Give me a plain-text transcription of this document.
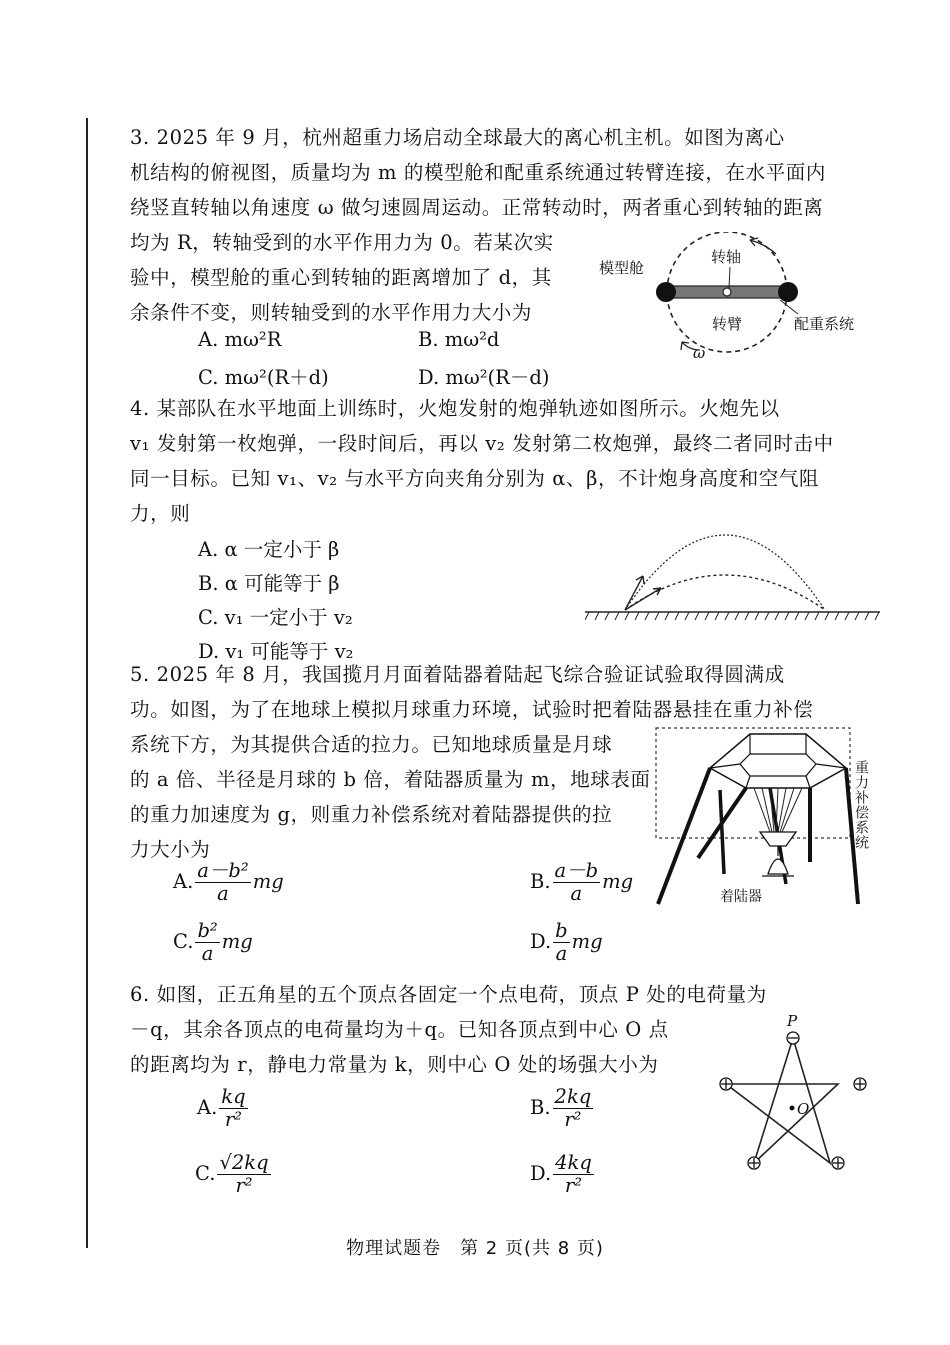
3. 2025 年 9 月，杭州超重力场启动全球最大的离心机主机。如图为离心
机结构的俯视图，质量均为 m 的模型舱和配重系统通过转臂连接，在水平面内
绕竖直转轴以角速度 ω 做匀速圆周运动。正常转动时，两者重心到转轴的距离
均为 R，转轴受到的水平作用力为 0。若某次实
验中，模型舱的重心到转轴的距离增加了 d，其
余条件不变，则转轴受到的水平作用力大小为
A. mω²R	B. mω²d
C. mω²(R＋d)	D. mω²(R－d)
模型舱
转轴
转臂	配重系统
ω
4. 某部队在水平地面上训练时，火炮发射的炮弹轨迹如图所示。火炮先以
v₁ 发射第一枚炮弹，一段时间后，再以 v₂ 发射第二枚炮弹，最终二者同时击中
同一目标。已知 v₁、v₂ 与水平方向夹角分别为 α、β，不计炮身高度和空气阻
力，则
A. α 一定小于 β
B. α 可能等于 β
C. v₁ 一定小于 v₂
D. v₁ 可能等于 v₂
5. 2025 年 8 月，我国揽月月面着陆器着陆起飞综合验证试验取得圆满成
功。如图，为了在地球上模拟月球重力环境，试验时把着陆器悬挂在重力补偿
系统下方，为其提供合适的拉力。已知地球质量是月球
的 a 倍、半径是月球的 b 倍，着陆器质量为 m，地球表面
的重力加速度为 g，则重力补偿系统对着陆器提供的拉
力大小为
A. $\frac{\text{a－b²}}{a}$ mg	B. $\frac{a-b}{a}$ mg
C. $\frac{\text{b²}}{a}$ mg	D. $\frac{b}{a}$ mg
重力补偿系统
着陆器
6. 如图，正五角星的五个顶点各固定一个点电荷，顶点 P 处的电荷量为
－q，其余各顶点的电荷量均为＋q。已知各顶点到中心 O 点
的距离均为 r，静电力常量为 k，则中心 O 处的场强大小为
A. $\frac{kq}{\text{r²}}$	B. $\frac{2kq}{\text{r²}}$
C. $\frac{√2kq}{\text{r²}}$	D. $\frac{4kq}{\text{r²}}$
P
O
物理试题卷　第 2 页(共 8 页)
